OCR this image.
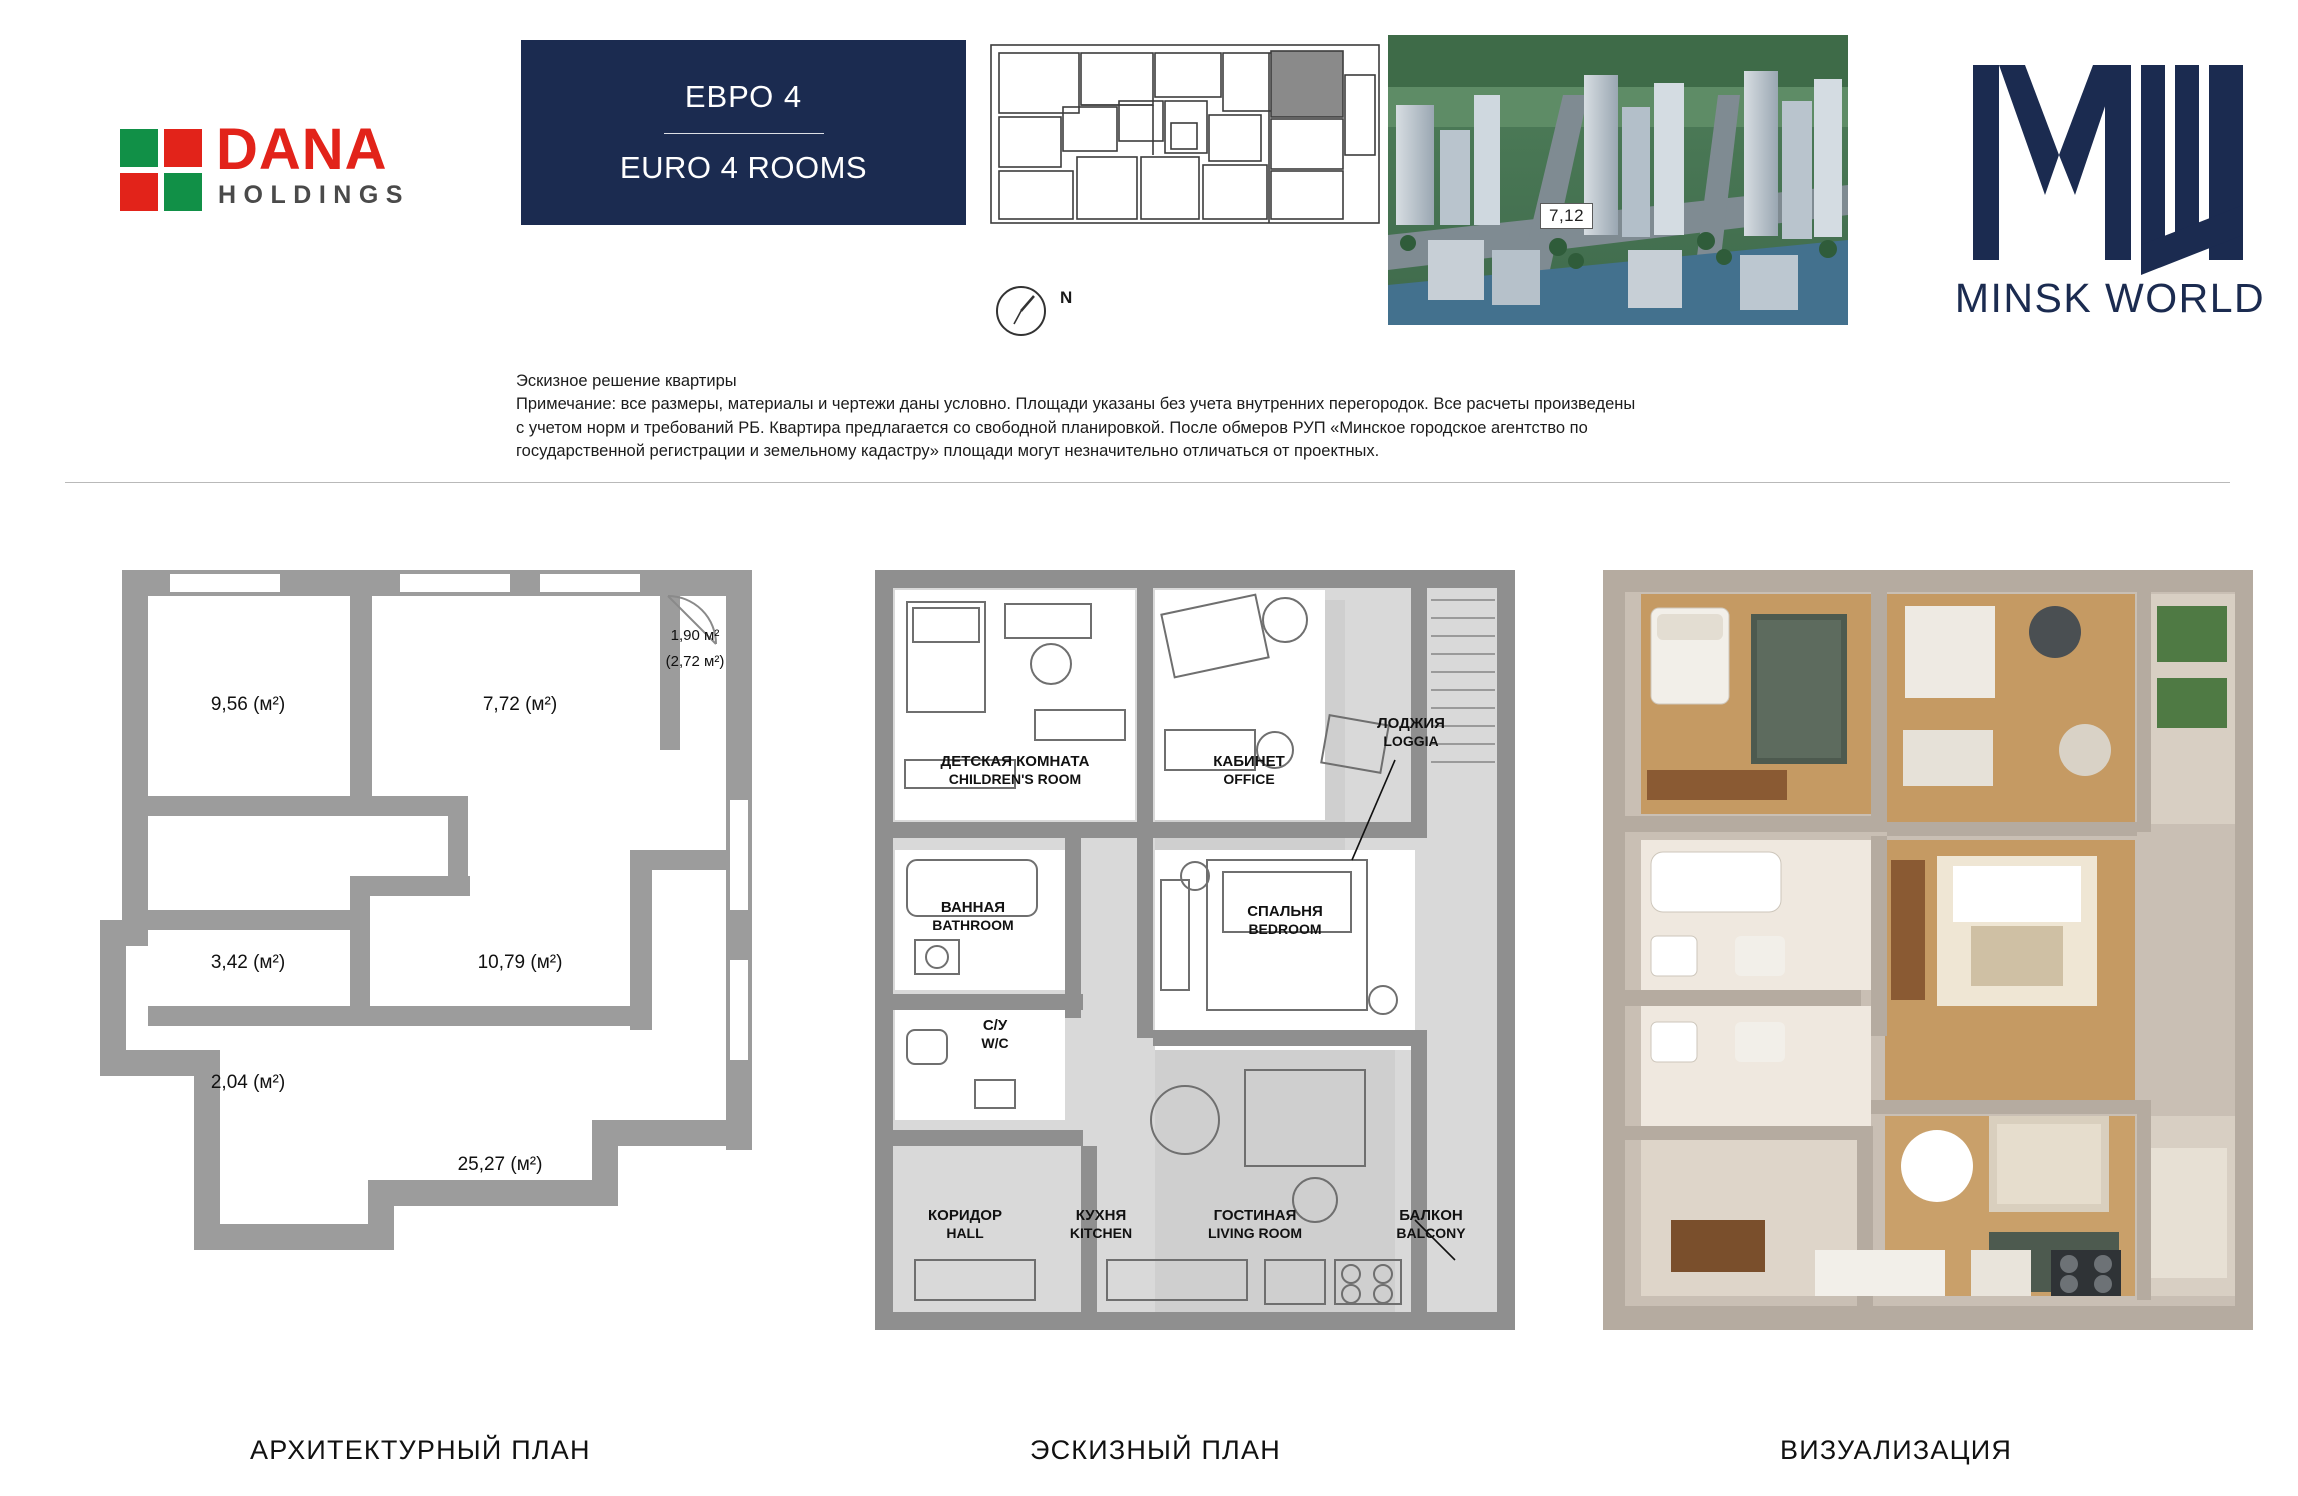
DANA
HOLDINGS
ЕВРО 4
EURO 4 ROOMS
N
7,12
MINSK WORLD

Эскизное решение квартиры

Примечание: все размеры, материалы и чертежи даны условно. Площади указаны без учета внутренних перегородок. Все расчеты произведены

с учетом норм и требований РБ. Квартира предлагается со свободной планировкой. После обмеров РУП «Минское городское агентство по

государственной регистрации и земельному кадастру» площади могут незначительно отличаться от проектных.

9,56 (м²)	7,72 (м²)
1,90 м²
(2,72 м²)
3,42 (м²)	10,79 (м²)
2,04 (м²)
25,27 (м²)
АРХИТЕКТУРНЫЙ ПЛАН
ДЕТСКАЯ КОМНАТА
CHILDREN'S ROOM
КАБИНЕТ
OFFICE
ЛОДЖИЯ
LOGGIA
ВАННАЯ
BATHROOM
СПАЛЬНЯ
BEDROOM
С/У
W/C
БАЛКОН
BALCONY
КОРИДОР
HALL
КУХНЯ
KITCHEN
ГОСТИНАЯ
LIVING ROOM
ЭСКИЗНЫЙ ПЛАН	ВИЗУАЛИЗАЦИЯ
